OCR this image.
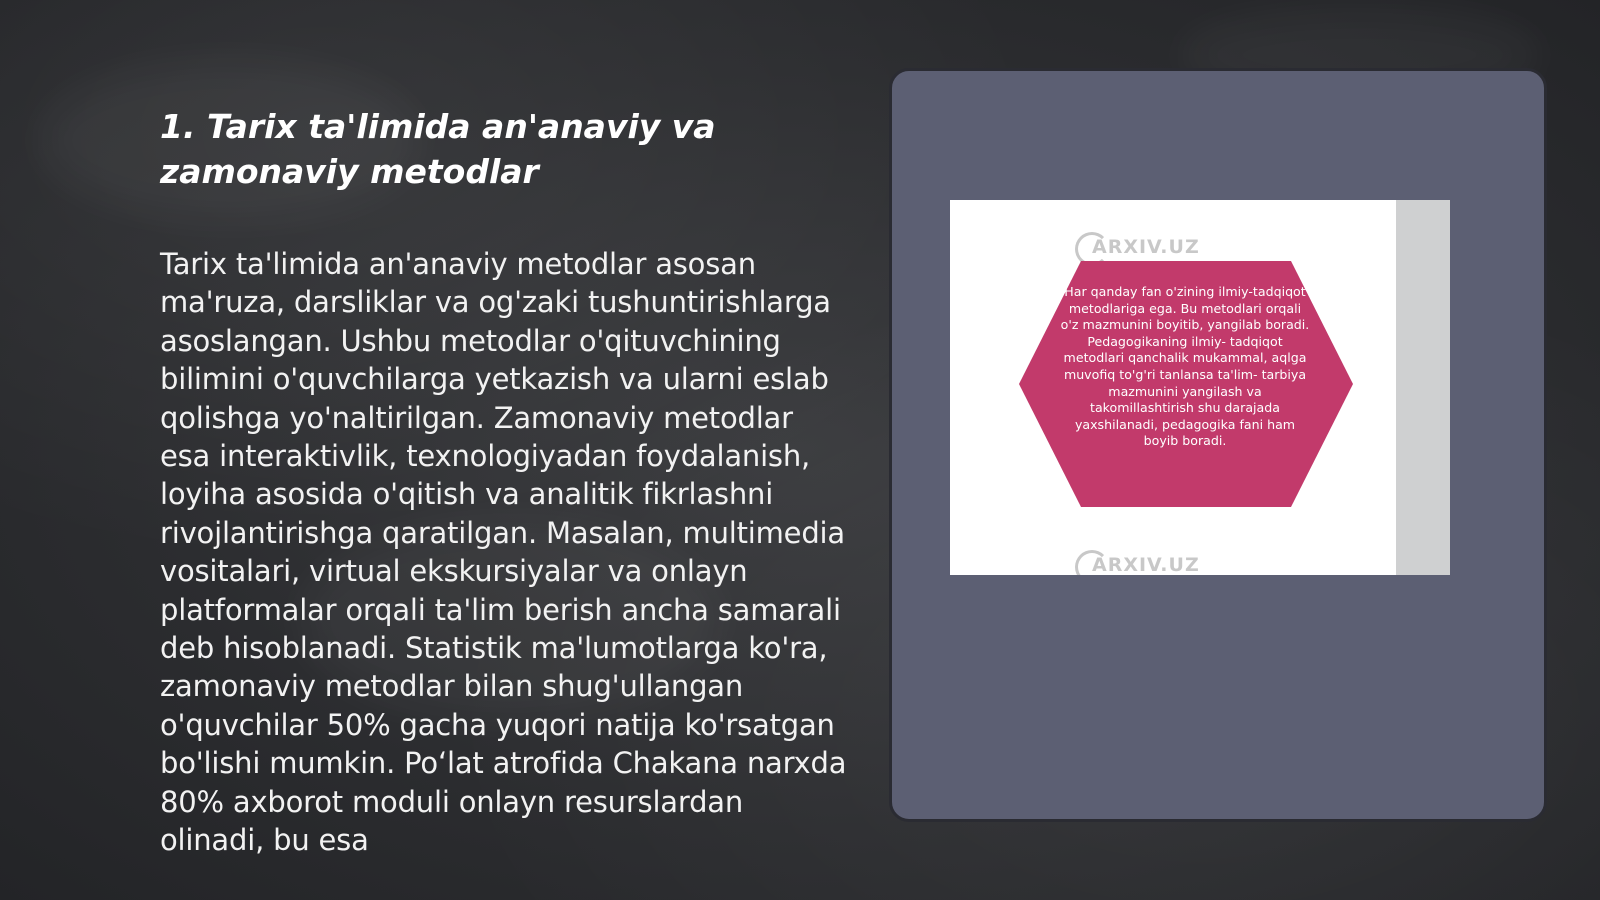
1. Tarix ta'limida an'anaviy va zamonaviy metodlar

Tarix ta'limida an'anaviy metodlar asosan ma'ruza, darsliklar va og'zaki tushuntirishlarga asoslangan. Ushbu metodlar o'qituvchining bilimini o'quvchilarga yetkazish va ularni eslab qolishga yo'naltirilgan. Zamonaviy metodlar esa interaktivlik, texnologiyadan foydalanish, loyiha asosida o'qitish va analitik fikrlashni rivojlantirishga qaratilgan. Masalan, multimedia vositalari, virtual ekskursiyalar va onlayn platformalar orqali ta'lim berish ancha samarali deb hisoblanadi. Statistik ma'lumotlarga ko'ra, zamonaviy metodlar bilan shug'ullangan o'quvchilar 50% gacha yuqori natija ko'rsatgan bo'lishi mumkin. Po‘lat atrofida Chakana narxda 80% axborot moduli onlayn resurslardan olinadi, bu esa

ARXIV.UZ

Har qanday fan o'zining ilmiy-tadqiqot metodlariga ega. Bu metodlari orqali o'z mazmunini boyitib, yangilab boradi. Pedagogikaning ilmiy- tadqiqot metodlari qanchalik mukammal, aqlga muvofiq to'g'ri tanlansa ta'lim- tarbiya mazmunini yangilash va takomillashtirish shu darajada yaxshilanadi, pedagogika fani ham boyib boradi.

ARXIV.UZ
